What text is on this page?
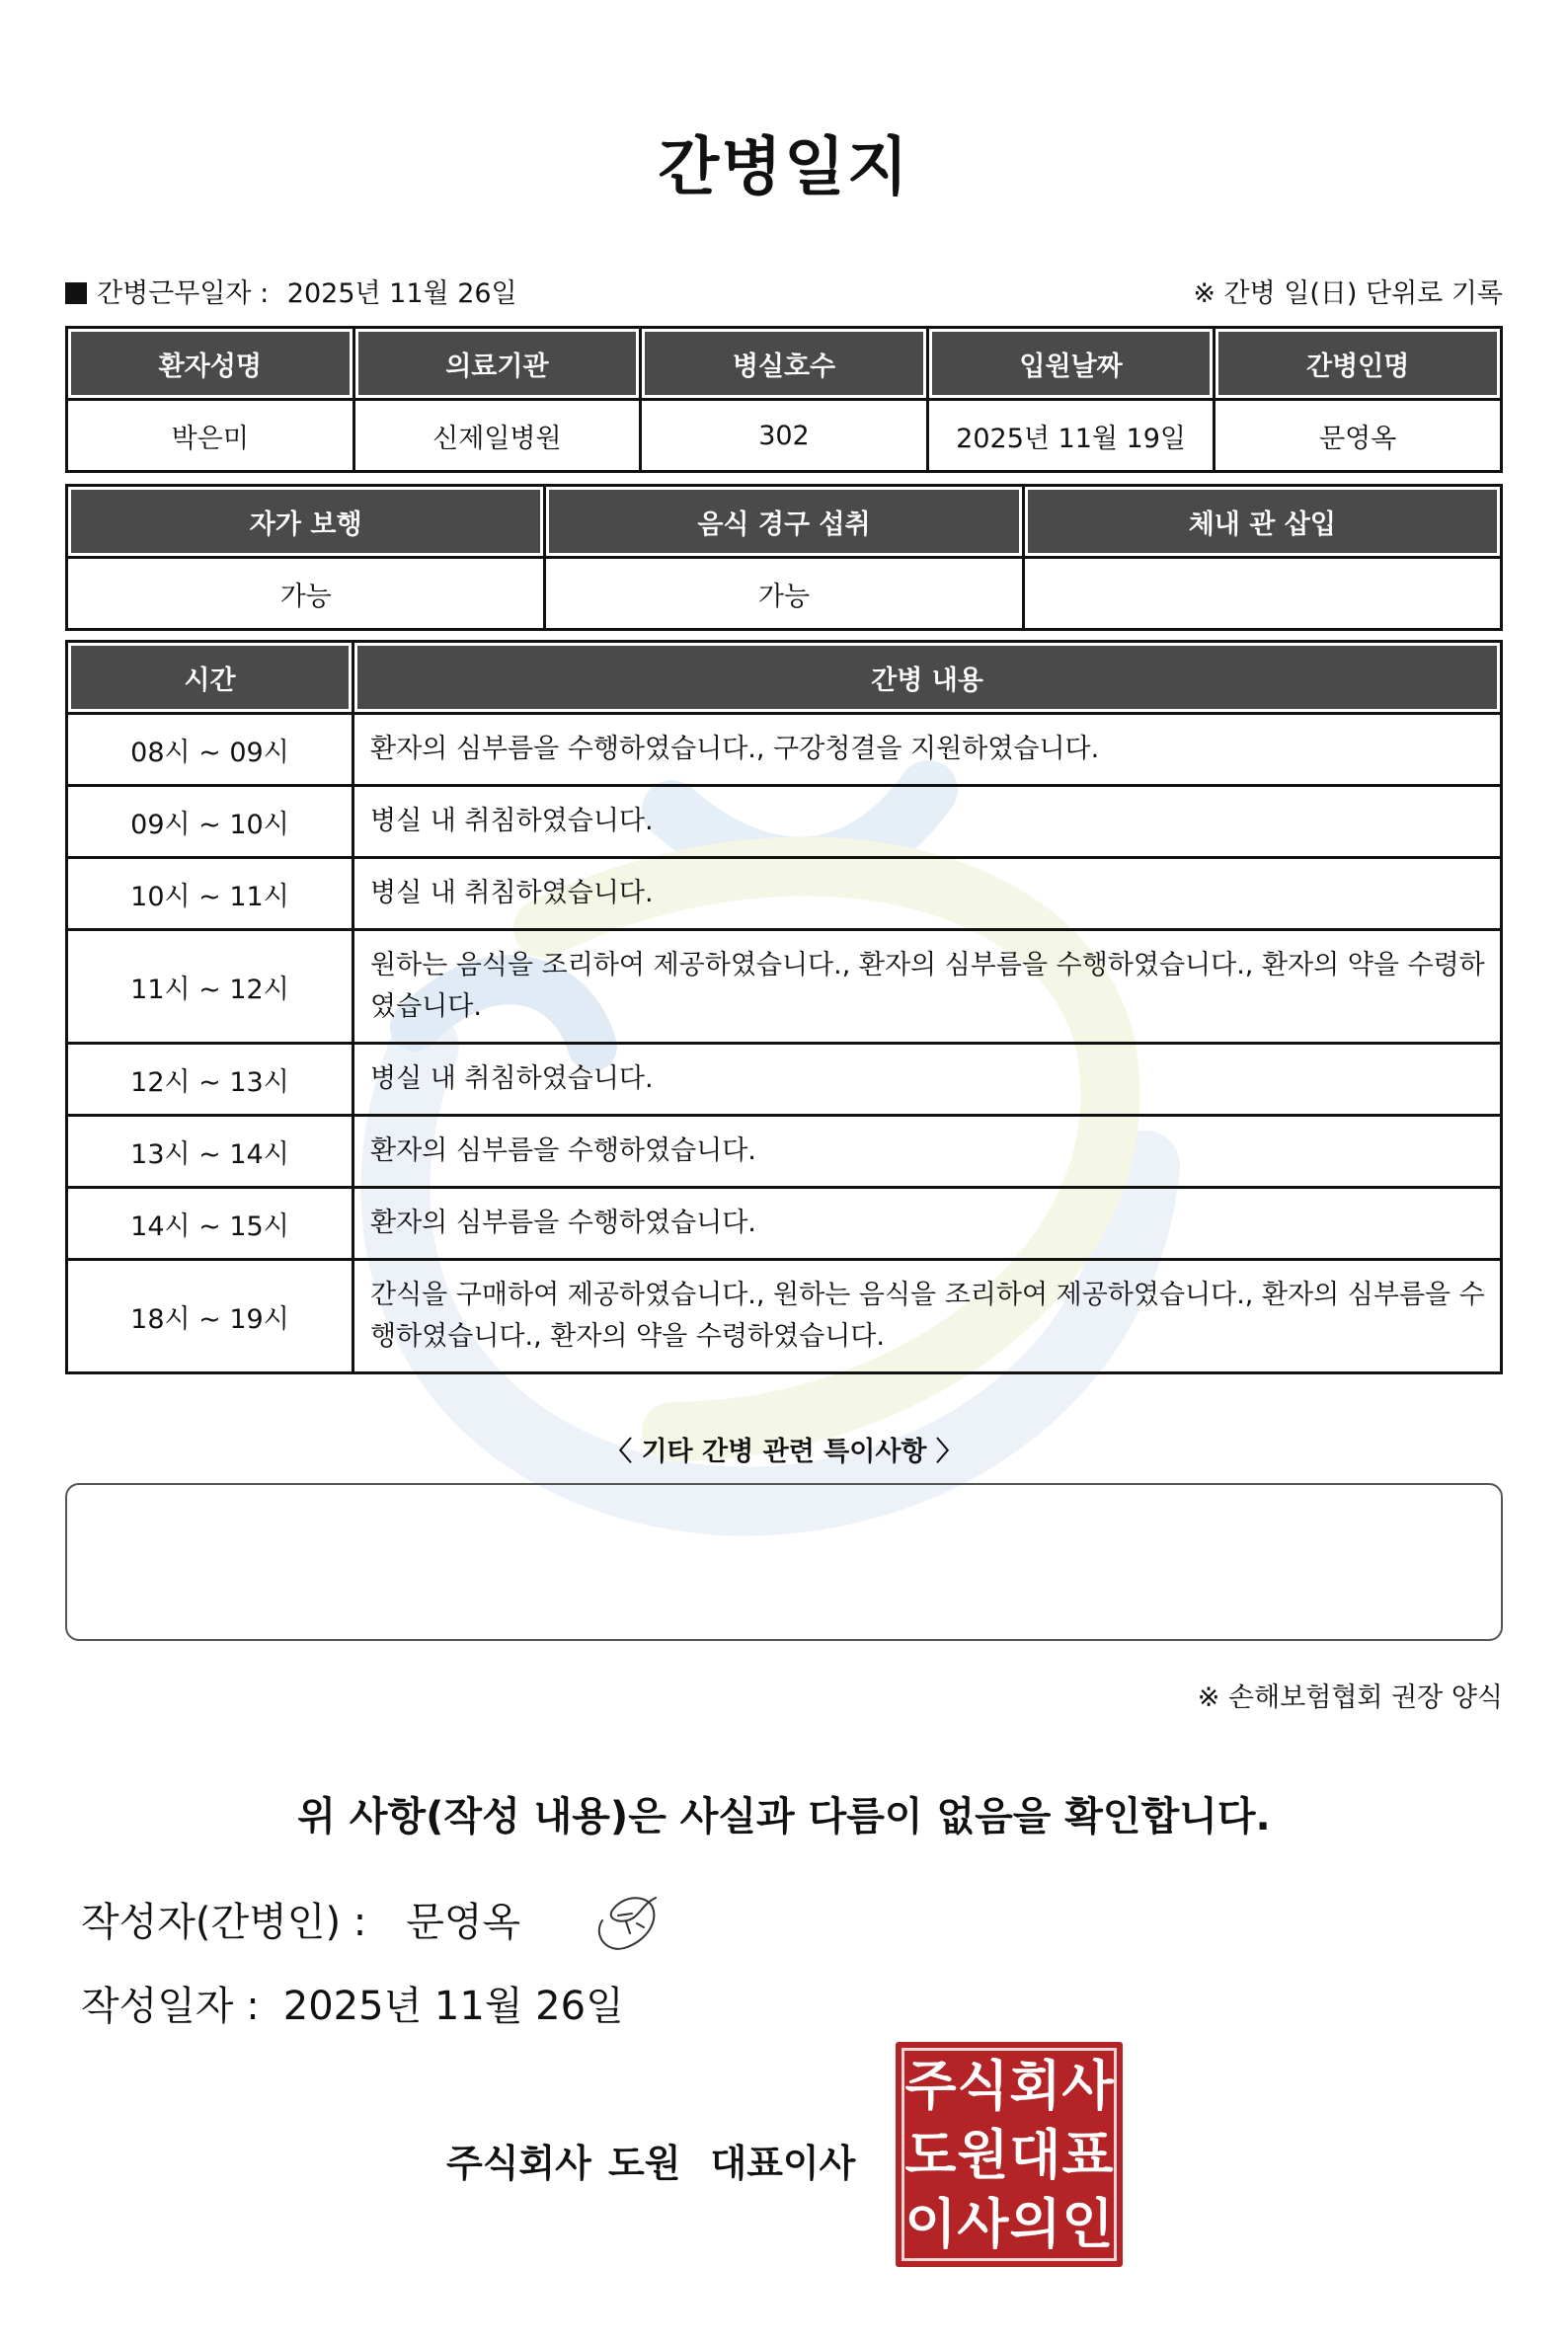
간병일지
간병근무일자 : 2025년 11월 26일	※ 간병 일(日) 단위로 기록
환자성명	의료기관	병실호수	입원날짜	간병인명
박은미	신제일병원	302	2025년 11월 19일	문영옥
자가 보행	음식 경구 섭취	체내 관 삽입
가능	가능	
시간	간병 내용
08시 ~ 09시	환자의 심부름을 수행하였습니다., 구강청결을 지원하였습니다.
09시 ~ 10시	병실 내 취침하였습니다.
10시 ~ 11시	병실 내 취침하였습니다.
11시 ~ 12시	원하는 음식을 조리하여 제공하였습니다., 환자의 심부름을 수행하였습니다., 환자의 약을 수령하였습니다.
12시 ~ 13시	병실 내 취침하였습니다.
13시 ~ 14시	환자의 심부름을 수행하였습니다.
14시 ~ 15시	환자의 심부름을 수행하였습니다.
18시 ~ 19시	간식을 구매하여 제공하였습니다., 원하는 음식을 조리하여 제공하였습니다., 환자의 심부름을 수행하였습니다., 환자의 약을 수령하였습니다.
〈 기타 간병 관련 특이사항 〉
※ 손해보험협회 권장 양식
위 사항(작성 내용)은 사실과 다름이 없음을 확인합니다.
작성자(간병인) : 문영옥
작성일자 : 2025년 11월 26일
주식회사 도원 대표이사
주 식 회 사
도 원 대 표
이 사 의 인
